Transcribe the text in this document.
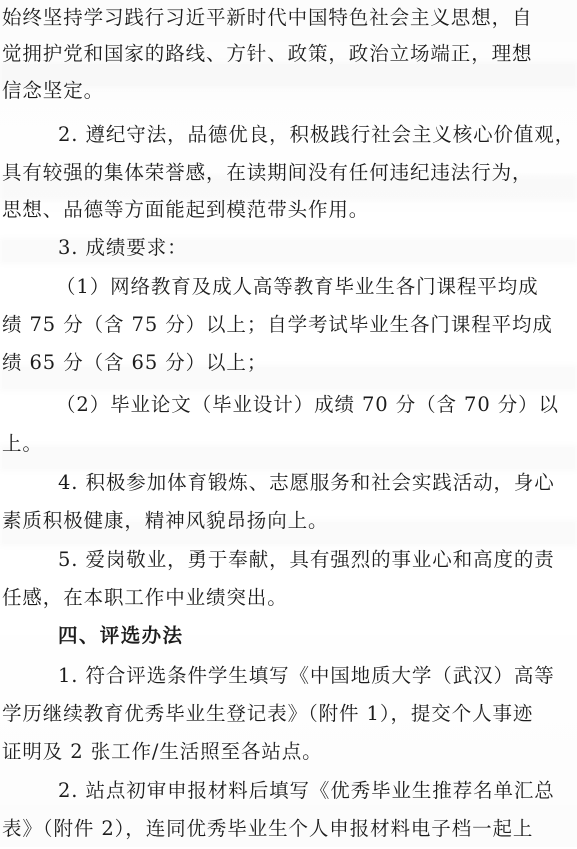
始终坚持学习践行习近平新时代中国特色社会主义思想，自
觉拥护党和国家的路线、方针、政策，政治立场端正，理想
信念坚定。
2. 遵纪守法，品德优良，积极践行社会主义核心价值观，
具有较强的集体荣誉感，在读期间没有任何违纪违法行为，
思想、品德等方面能起到模范带头作用。
3. 成绩要求：
（1）网络教育及成人高等教育毕业生各门课程平均成
绩 75 分（含 75 分）以上；自学考试毕业生各门课程平均成
绩 65 分（含 65 分）以上；
（2）毕业论文（毕业设计）成绩 70 分（含 70 分）以
上。
4. 积极参加体育锻炼、志愿服务和社会实践活动，身心
素质积极健康，精神风貌昂扬向上。
5. 爱岗敬业，勇于奉献，具有强烈的事业心和高度的责
任感，在本职工作中业绩突出。
四、评选办法
1. 符合评选条件学生填写《中国地质大学（武汉）高等
学历继续教育优秀毕业生登记表》（附件 1），提交个人事迹
证明及 2 张工作/生活照至各站点。
2. 站点初审申报材料后填写《优秀毕业生推荐名单汇总
表》（附件 2），连同优秀毕业生个人申报材料电子档一起上
